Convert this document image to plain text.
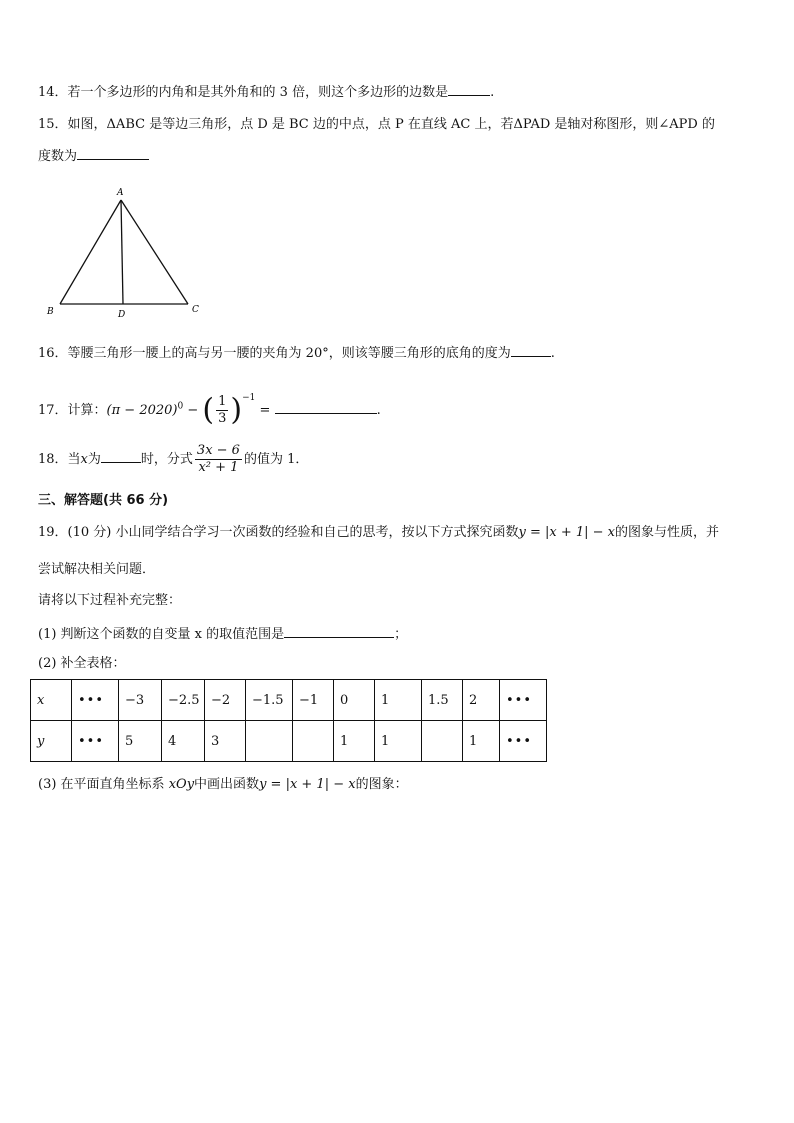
14．若一个多边形的内角和是其外角和的 3 倍，则这个多边形的边数是	.
15．如图，ΔABC 是等边三角形，点 D 是 BC 边的中点，点 P 在直线 AC 上，若ΔPAD 是轴对称图形，则∠APD 的
度数为
A
B	C
D
16．等腰三角形一腰上的高与另一腰的夹角为 20°，则该等腰三角形的底角的度为	.
17．计算：$(\pi - 2020)^0$ − ( $\frac{1}{3} )^{-1}$ =	.
18．当x为	时，分式 $\frac{3x - 6}{\text{x² + 1}}$ 的值为 1．
三、解答题(共 66 分)
19．(10 分) 小山同学结合学习一次函数的经验和自己的思考，按以下方式探究函数y = |x + 1| − x的图象与性质，并
尝试解决相关问题．
请将以下过程补充完整：
(1) 判断这个函数的自变量 x 的取值范围是	；
(2) 补全表格：
x	•••	−3	−2.5	−2	−1.5	−1	0	1	1.5	2	•••
y	•••	5	4	3			1	1		1	•••
(3) 在平面直角坐标系 xOy中画出函数y = |x + 1| − x的图象：
